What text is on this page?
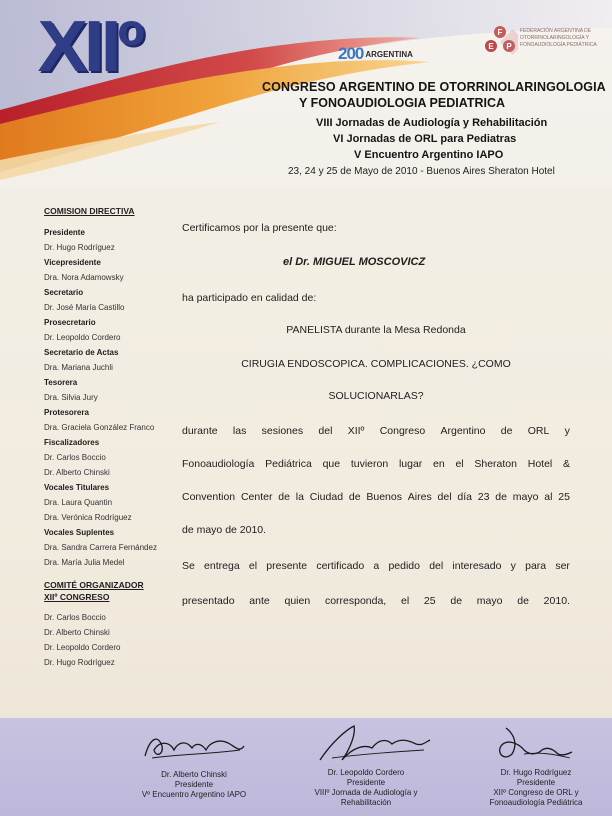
XIIº	200 ARGENTINA
F
E P
FEDERACIÓN ARGENTINA DE OTORRINOLARINGOLOGÍA Y FONOAUDIOLOGÍA PEDIÁTRICA
CONGRESO ARGENTINO DE OTORRINOLARINGOLOGIA
Y FONOAUDIOLOGIA PEDIATRICA
VIII Jornadas de Audiología y Rehabilitación
VI Jornadas de ORL para Pediatras
V Encuentro Argentino IAPO
23, 24 y 25 de Mayo de 2010 - Buenos Aires Sheraton Hotel
COMISION DIRECTIVA
Presidente
Dr. Hugo Rodríguez
Vicepresidente
Dra. Nora Adamowsky
Secretario
Dr. José María Castillo
Prosecretario
Dr. Leopoldo Cordero
Secretario de Actas
Dra. Mariana Juchli
Tesorera
Dra. Silvia Jury
Protesorera
Dra. Graciela González Franco
Fiscalizadores
Dr. Carlos Boccio
Dr. Alberto Chinski
Vocales Titulares
Dra. Laura Quantin
Dra. Verónica Rodríguez
Vocales Suplentes
Dra. Sandra Carrera Fernández
Dra. María Julia Medel
COMITÉ ORGANIZADOR
XIIº CONGRESO
Dr. Carlos Boccio
Dr. Alberto Chinski
Dr. Leopoldo Cordero
Dr. Hugo Rodríguez
Certificamos por la presente que:
el Dr. MIGUEL MOSCOVICZ
ha participado en calidad de:
PANELISTA durante la Mesa Redonda
CIRUGIA ENDOSCOPICA. COMPLICACIONES. ¿COMO
SOLUCIONARLAS?
durante las sesiones del XIIº Congreso Argentino de ORL y
Fonoaudiología Pediátrica que tuvieron lugar en el Sheraton Hotel &
Convention Center de la Ciudad de Buenos Aires del día 23 de mayo al 25
de mayo de 2010.
Se entrega el presente certificado a pedido del interesado y para ser
presentado ante quien corresponda, el 25 de mayo de 2010.
Dr. Alberto Chinski
Presidente
Vº Encuentro Argentino IAPO
Dr. Leopoldo Cordero
Presidente
VIIIº Jornada de Audiología y
Rehabilitación
Dr. Hugo Rodríguez
Presidente
XIIº Congreso de ORL y
Fonoaudiología Pediátrica
